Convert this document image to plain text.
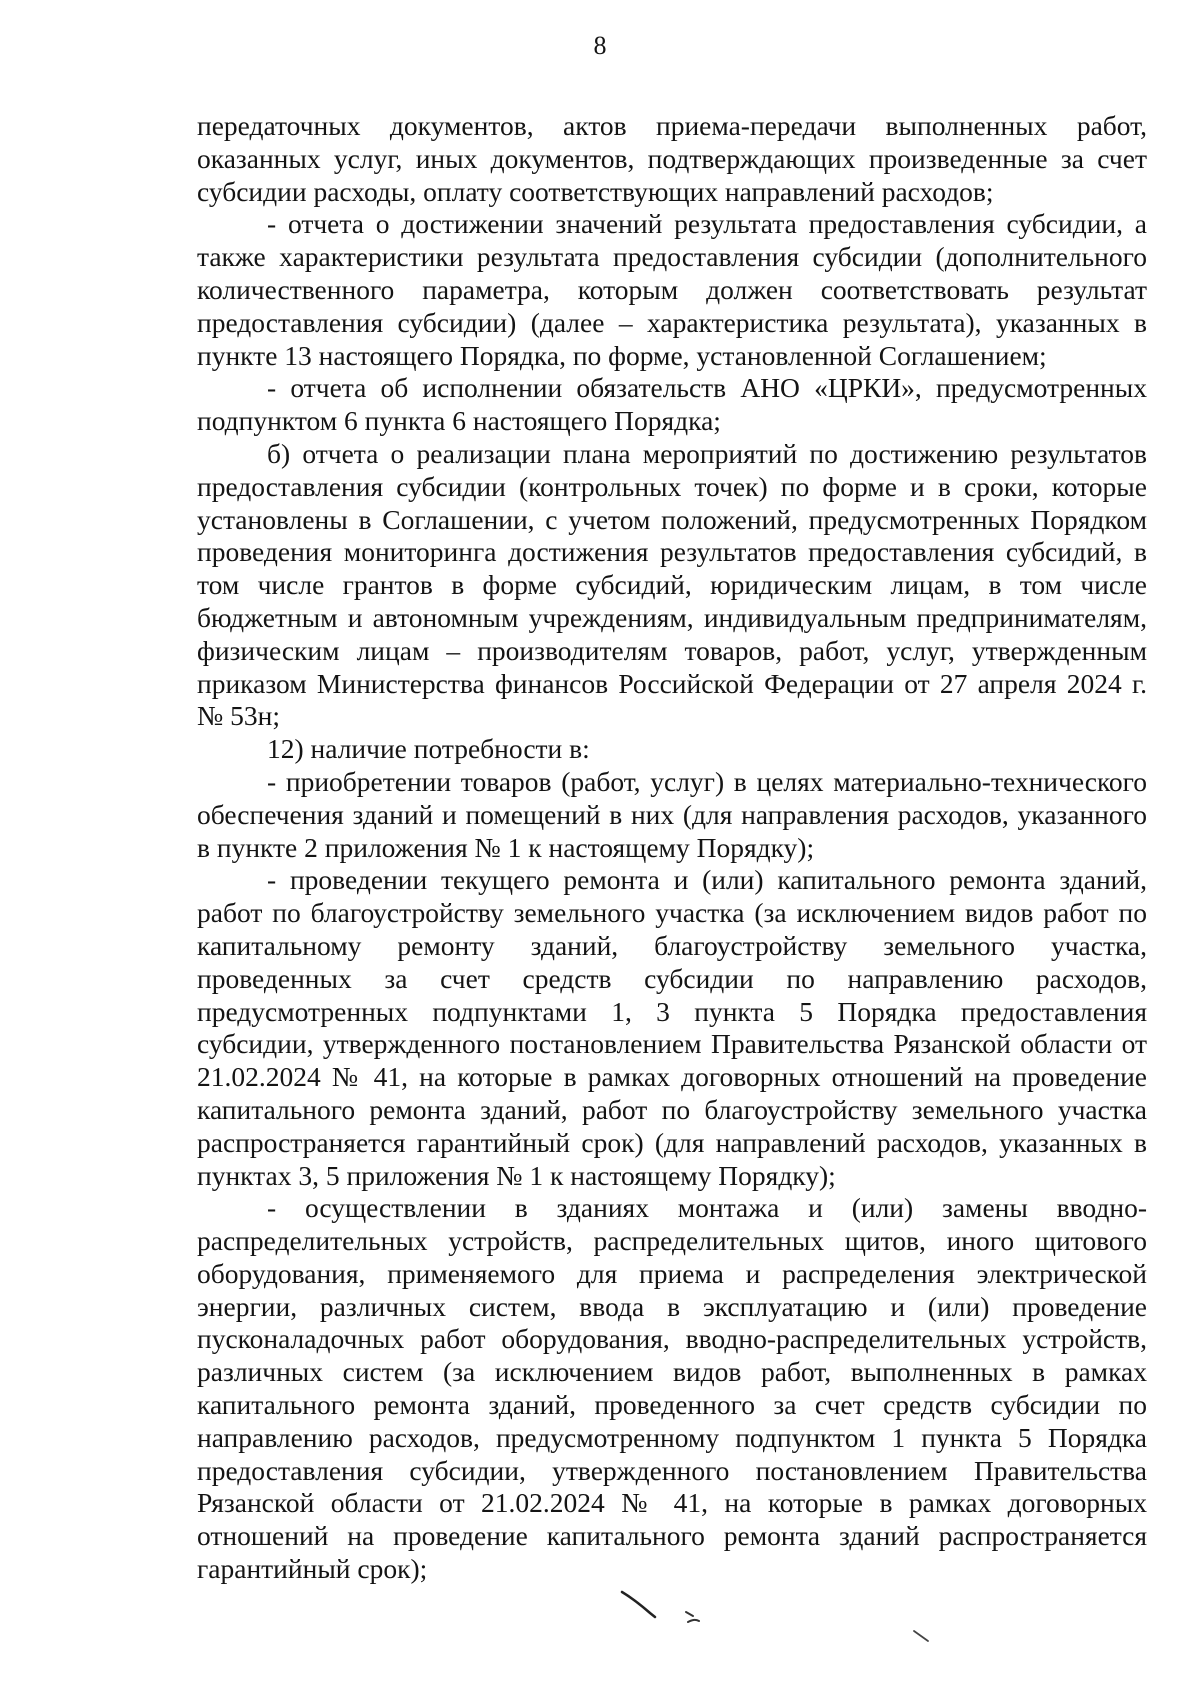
8

передаточных документов, актов приема-передачи выполненных работ, оказанных услуг, иных документов, подтверждающих произведенные за счет субсидии расходы, оплату соответствующих направлений расходов;

- отчета о достижении значений результата предоставления субсидии, а также характеристики результата предоставления субсидии (дополнительного количественного параметра, которым должен соответствовать результат предоставления субсидии) (далее – характеристика результата), указанных в пункте 13 настоящего Порядка, по форме, установленной Соглашением;

- отчета об исполнении обязательств АНО «ЦРКИ», предусмотренных подпунктом 6 пункта 6 настоящего Порядка;

б) отчета о реализации плана мероприятий по достижению результатов предоставления субсидии (контрольных точек) по форме и в сроки, которые установлены в Соглашении, с учетом положений, предусмотренных Порядком проведения мониторинга достижения результатов предоставления субсидий, в том числе грантов в форме субсидий, юридическим лицам, в том числе бюджетным и автономным учреждениям, индивидуальным предпринимателям, физическим лицам – производителям товаров, работ, услуг, утвержденным приказом Министерства финансов Российской Федерации от 27 апреля 2024 г. № 53н;

12) наличие потребности в:

- приобретении товаров (работ, услуг) в целях материально-технического обеспечения зданий и помещений в них (для направления расходов, указанного в пункте 2 приложения № 1 к настоящему Порядку);

- проведении текущего ремонта и (или) капитального ремонта зданий, работ по благоустройству земельного участка (за исключением видов работ по капитальному ремонту зданий, благоустройству земельного участка, проведенных за счет средств субсидии по направлению расходов, предусмотренных подпунктами 1, 3 пункта 5 Порядка предоставления субсидии, утвержденного постановлением Правительства Рязанской области от 21.02.2024 № 41, на которые в рамках договорных отношений на проведение капитального ремонта зданий, работ по благоустройству земельного участка распространяется гарантийный срок) (для направлений расходов, указанных в пунктах 3, 5 приложения № 1 к настоящему Порядку);

- осуществлении в зданиях монтажа и (или) замены вводно-распределительных устройств, распределительных щитов, иного щитового оборудования, применяемого для приема и распределения электрической энергии, различных систем, ввода в эксплуатацию и (или) проведение пусконаладочных работ оборудования, вводно-распределительных устройств, различных систем (за исключением видов работ, выполненных в рамках капитального ремонта зданий, проведенного за счет средств субсидии по направлению расходов, предусмотренному подпунктом 1 пункта 5 Порядка предоставления субсидии, утвержденного постановлением Правительства Рязанской области от 21.02.2024 № 41, на которые в рамках договорных отношений на проведение капитального ремонта зданий распространяется гарантийный срок);
